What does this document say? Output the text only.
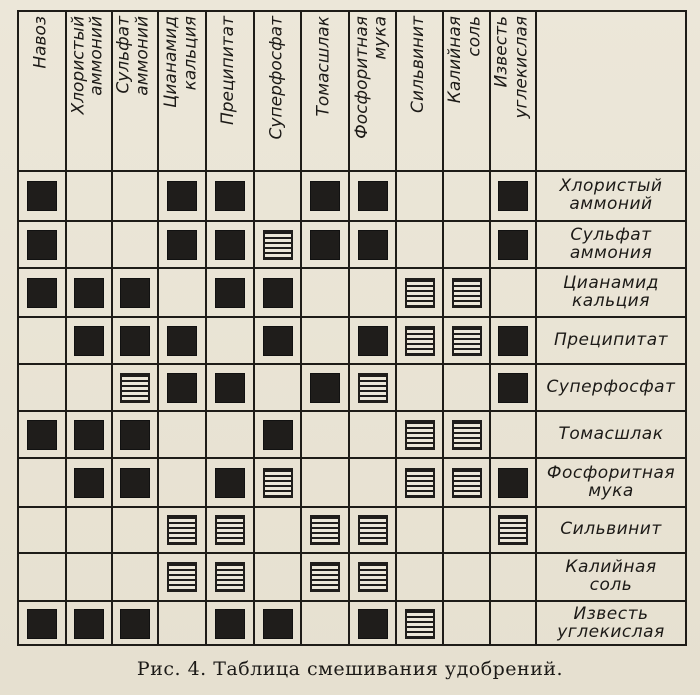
Навоз Хлористый аммоний Сульфат аммоний Цианамид кальция Преципитат Суперфосфат Томасшлак Фосфоритная мука Сильвинит Калийная соль Известь углекислая
Хлористый
аммоний
Сульфат
аммония
Цианамид
кальция
Преципитат
Суперфосфат
Томасшлак
Фосфоритная
мука
Сильвинит
Калийная
соль
Известь
углекислая
Рис. 4. Таблица смешивания удобрений.
